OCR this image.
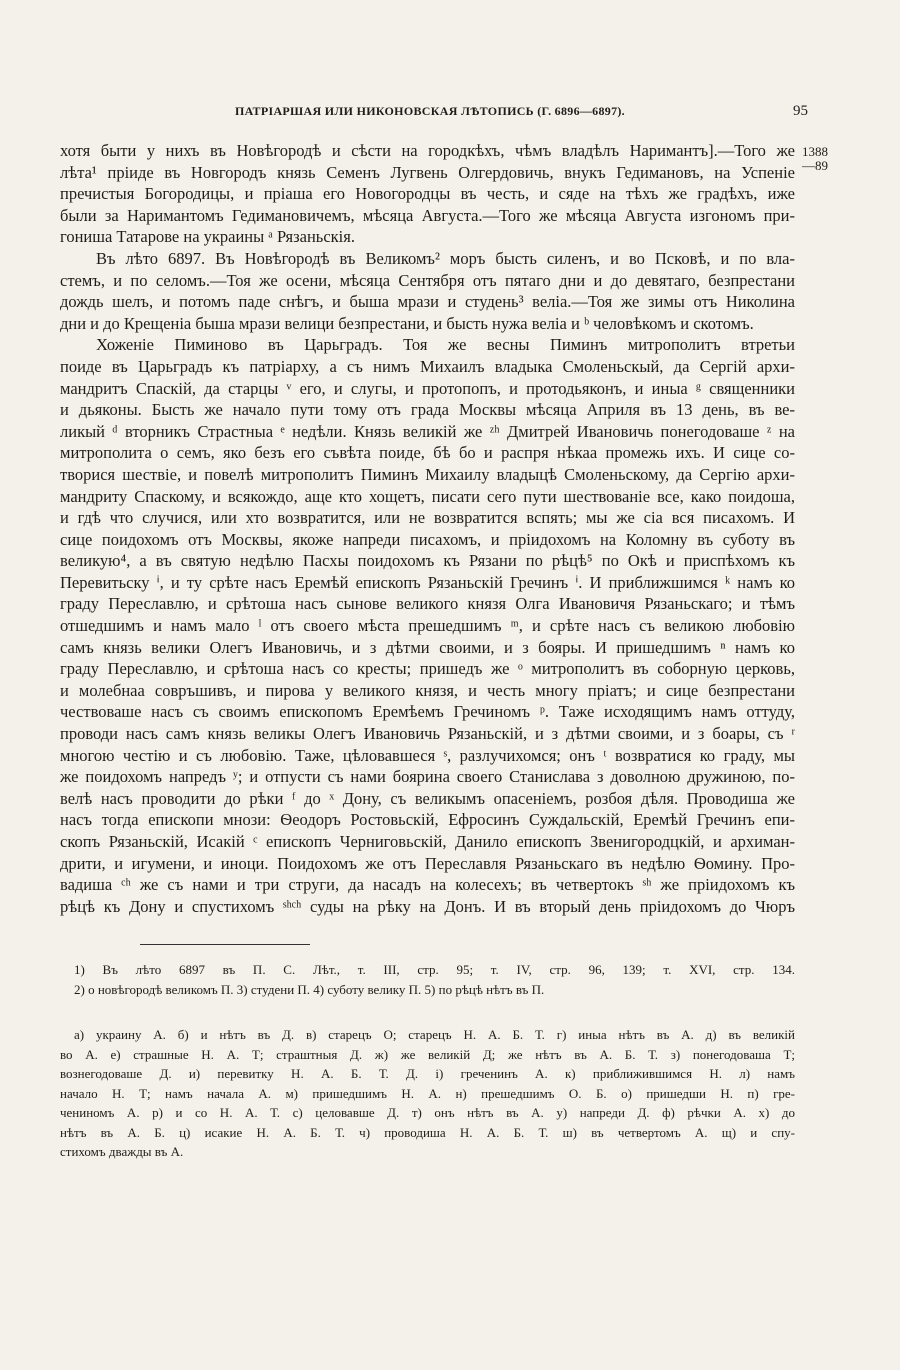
ПАТРІАРШАЯ ИЛИ НИКОНОВСКАЯ ЛѢТОПИСЬ (Г. 6896—6897).	95
1388
—89
хотя быти у нихъ въ Новѣгородѣ и сѣсти на городкѣхъ, чѣмъ владѣлъ Наримантъ].—Того же
лѣта¹ пріиде въ Новгородъ князь Семенъ Лугвень Олгердовичь, внукъ Гедимановъ, на Успеніе
пречистыя Богородицы, и пріаша его Новогородцы въ честь, и сяде на тѣхъ же градѣхъ, иже
были за Наримантомъ Гедимановичемъ, мѣсяца Августа.—Того же мѣсяца Августа изгономъ при-
гониша Татарове на украины ᵃ Рязаньскія.
Въ лѣто 6897. Въ Новѣгородѣ въ Великомъ² моръ бысть силенъ, и во Псковѣ, и по вла-
стемъ, и по селомъ.—Тоя же осени, мѣсяца Сентября отъ пятаго дни и до девятаго, безпрестани
дождь шелъ, и потомъ паде снѣгъ, и быша мрази и студень³ веліа.—Тоя же зимы отъ Николина
дни и до Крещеніа быша мрази велици безпрестани, и бысть нужа веліа и ᵇ человѣкомъ и скотомъ.
Хоженіе Пиминово въ Царьградъ. Тоя же весны Пиминъ митрополитъ втретьи
поиде въ Царьградъ къ патріарху, а съ нимъ Михаилъ владыка Смоленьскый, да Сергій архи-
мандритъ Спаскій, да старцы ᵛ его, и слугы, и протопопъ, и протодьяконъ, и иныа ᵍ священники
и дьяконы. Бысть же начало пути тому отъ града Москвы мѣсяца Априля въ 13 день, въ ве-
ликый ᵈ вторникъ Страстныа ᵉ недѣли. Князь великій же ᶻʰ Дмитрей Ивановичь понегодоваше ᶻ на
митрополита о семъ, яко безъ его съвѣта поиде, бѣ бо и распря нѣкаа промежь ихъ. И сице со-
творися шествіе, и повелѣ митрополитъ Пиминъ Михаилу владыцѣ Смоленьскому, да Сергію архи-
мандриту Спаскому, и всякождо, аще кто хощетъ, писати сего пути шествованіе все, како поидоша,
и гдѣ что случися, или хто возвратится, или не возвратится вспять; мы же сіа вся писахомъ. И
сице поидохомъ отъ Москвы, якоже напреди писахомъ, и пріидохомъ на Коломну въ суботу въ
великую⁴, а въ святую недѣлю Пасхы поидохомъ къ Рязани по рѣцѣ⁵ по Окѣ и приспѣхомъ къ
Перевитьску ⁱ, и ту срѣте насъ Еремѣй епископъ Рязаньскій Гречинъ ⁱ. И приближшимся ᵏ намъ ко
граду Переславлю, и срѣтоша насъ сынове великого князя Олга Ивановичя Рязаньскаго; и тѣмъ
отшедшимъ и намъ мало ˡ отъ своего мѣста прешедшимъ ᵐ, и срѣте насъ съ великою любовію
самъ князь велики Олегъ Ивановичь, и з дѣтми своими, и з бояры. И пришедшимъ ⁿ намъ ко
граду Переславлю, и срѣтоша насъ со кресты; пришедъ же ᵒ митрополитъ въ соборную церковь,
и молебнаа совръшивъ, и пирова у великого князя, и честь многу пріатъ; и сице безпрестани
чествоваше насъ съ своимъ епископомъ Еремѣемъ Гречиномъ ᵖ. Таже исходящимъ намъ оттуду,
проводи насъ самъ князь великы Олегъ Ивановичь Рязаньскій, и з дѣтми своими, и з боары, съ ʳ
многою честію и съ любовію. Таже, цѣловавшеся ˢ, разлучихомся; онъ ᵗ возвратися ко граду, мы
же поидохомъ напредъ ʸ; и отпусти съ нами боярина своего Станислава з доволною дружиною, по-
велѣ насъ проводити до рѣки ᶠ до ˣ Дону, съ великымъ опасеніемъ, розбоя дѣля. Проводиша же
насъ тогда епископи мнози: Ѳеодоръ Ростовьскій, Ефросинъ Суждальскій, Еремѣй Гречинъ епи-
скопъ Рязаньскій, Исакій ᶜ епископъ Черниговьскій, Данило епископъ Звенигородцкій, и архиман-
дрити, и игумени, и иноци. Поидохомъ же отъ Переславля Рязаньскаго въ недѣлю Ѳомину. Про-
вадиша ᶜʰ же съ нами и три струги, да насадъ на колесехъ; въ четвертокъ ˢʰ же пріидохомъ къ
рѣцѣ къ Дону и спустихомъ ˢʰᶜʰ суды на рѣку на Донъ. И въ вторый день пріидохомъ до Чюръ
1) Въ лѣто 6897 въ П. С. Лѣт., т. III, стр. 95; т. IV, стр. 96, 139; т. XVI, стр. 134.
2) о новѣгородѣ великомъ П. 3) студени П. 4) суботу велику П. 5) по рѣцѣ нѣтъ въ П.
а) украину А. б) и нѣтъ въ Д. в) старецъ О; старецъ Н. А. Б. Т. г) иныа нѣтъ въ А. д) въ великій
во А. е) страшные Н. А. Т; страштныя Д. ж) же великій Д; же нѣтъ въ А. Б. Т. з) понегодоваша Т;
вознегодоваше Д. и) перевитку Н. А. Б. Т. Д. і) греченинъ А. к) приближившимся Н. л) намъ
начало Н. Т; намъ начала А. м) пришедшимъ Н. А. н) прешедшимъ О. Б. о) пришедши Н. п) гре-
чениномъ А. р) и со Н. А. Т. с) целовавше Д. т) онъ нѣтъ въ А. у) напреди Д. ф) рѣчки А. х) до
нѣтъ въ А. Б. ц) исакие Н. А. Б. Т. ч) проводиша Н. А. Б. Т. ш) въ четвертомъ А. щ) и спу-
стихомъ дважды въ А.
